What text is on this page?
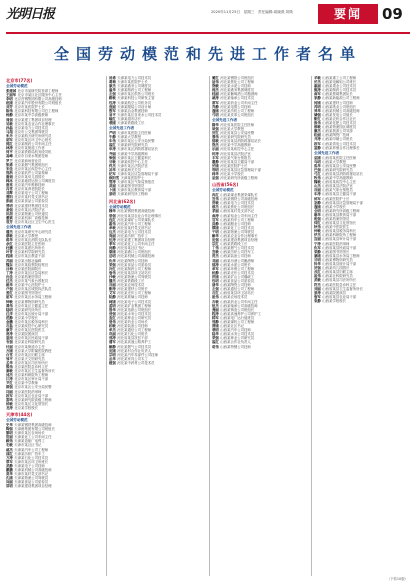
光明日报	2020年11月25日　星期三　责任编辑:周晓燕 刘瑛	要闻	09
全国劳动模范和先进工作者名单
北京市(77名)
全国劳动模范
张建国 北京市某研究院首席工程师
王丽华 北京市某区社区服务中心主任
李明 北京首钢集团有限公司高级技师
赵刚 北京某汽车股份有限公司班组长
刘芳 北京市某医院护士长
陈伟 北京某科技有限公司总工程师
杨静 北京市某中学高级教师
周强 北京某建工集团项目经理
吴敏 北京市某农业合作社理事长
孙磊 北京某电力公司技术员
马超 北京市公交集团驾驶员
朱丹 北京某航天研究所研究员
胡军 北京市某区环卫中心班长
郭红 北京某制药公司车间主任
林涛 北京市某街道工作者
何平 北京某铁路局机务段司机
高峰 北京市自来水集团技师
罗兰 北京某商场营业员
梁勇 北京某燃气集团班组长
宋佳 北京市某区疾控中心主任
郑浩 北京某软件公司架构师
谢娟 北京市某幼儿园园长
韩冰 北京某地铁运营公司调度员
唐亮 北京某汽车维修技师
冯雪 北京市某养老院院长
邓辉 北京某电子公司工程师
曹阳 北京市某村党支部书记
彭丽 北京某食品公司质检员
曾明 北京某建材集团技术员
萧强 北京市某区法院法官
田甜 北京某物流公司快递员
董斌 北京某机床厂高级技师
袁芳 北京市某社区卫生中心医生
全国先进工作者
潘杰 北京市某研究中心研究员
蔡敏 北京某大学教授
蒋华 北京市某区消防支队队长
余红 北京某医院主任医师
杜鹏 北京市某派出所所长
叶青 北京某科学院研究员
程刚 北京市某区教委干部
苏丽 北京某出版社编辑
魏东 北京市某检察院检察官
吕梅 北京某医院副院长
丁涛 北京市某区应急局科长
沈佳 北京某档案馆馆员
任杰 北京市某气象台预报员
姚华 北京某中心医院护士
卢强 北京市某区城管执法队员
姜红 北京某图书馆馆长
崔军 北京市某区水务局工程师
钟敏 北京某博物馆研究员
谭伟 北京市某区卫健委主任
陆明 北京某研究所所长
汪洋 北京市某区统计局干部
范静 北京某小学校长
金鹏 北京市某区税务局科长
石磊 北京某疾控中心研究员
廖芳 北京市某区医院医生
贾涛 北京某院团演员
夏雨 北京市某区民政局干部
韦强 北京某社科院研究员
付丽 北京市某街道办主任
方刚 北京某大学附属医院教授
白雪 北京市某区妇联主席
邹平 北京某天文馆研究员
孟华 北京市某区司法所所长
熊伟 北京某医院急诊科主任
秦敏 北京市某区卫生监督所所长
邱杰 北京某科研院所工程师
江涛 北京市某区审计局干部
尹红 北京某中学教师
薛强 北京市某区公安分局民警
闫丽 北京某医院药剂师
段军 北京市某区农业局干部
雷鸣 北京某研究院高级工程师
侯敏 北京市某区文化馆馆长
龙涛 北京某学校校长
天津市(44名)
全国劳动模范
史华 天津某钢铁集团高级技师
陶强 天津港集团有限公司班组长
黎明 天津市某区农场场长
贺丽 天津某化工公司车间主任
顾伟 天津某造船厂电焊工
毛敏 天津市某社区书记
郝杰 天津某汽车公司工程师
邵红 天津某纺织厂挡车工
万涛 天津某石化公司技术员
覃军 天津市某区环卫所班长
武静 天津某电子公司技师
戴鹏 天津某机械公司高级技师
莫华 天津市某村党支部书记
孔刚 天津某物流公司驾驶员
向丽 天津某食品公司质检员
常明 天津某建设集团项目经理
汤勇 天津某电力公司技术员
葛梅 天津市某医院护士长
康杰 天津某港务公司调度员
温华 天津某制药公司工程师
左强 天津市某区供热公司班长
路敏 天津某科技公司研发主管
包涛 天津某航空公司机务员
庞丽 天津某服装公司设计师
殷军 天津某冶金集团技师
易平 天津市某区自来水公司技术员
喻红 天津某超市店长
裴刚 天津某铁路段工长
全国先进工作者
严明 天津市某医院主任医师
牛静 天津某大学教授
车伟 天津市某区公安分局民警
翁红 天津某研究院研究员
申涛 天津市某区消防救援站站长
齐丽 天津某中学高级教师
柴强 天津市某区卫健委科长
甘敏 天津某疾控中心主任
佟杰 天津市某区法院法官
祁华 天津某海关关员
纪军 天津市某区应急管理局干部
欧阳雪 天津某医院护士
管涛 天津市某区气象局预报员
苗丽 天津某图书馆馆员
卜刚 天津市某区教育局干部
景明 天津某研究所工程师
河北省(62名)
全国劳动模范
穆华 河北某钢铁集团高级技师
晏强 河北省某县农业合作社理事长
连红 河北某煤矿公司采煤队长
霍伟 河北某汽车公司工程师
单敏 河北省某村党支部书记
边杰 河北某电力公司技术员
尚丽 河北某纺织厂挡车工
伍涛 河北某建工集团项目经理
季军 河北某化工公司车间主任
闵静 河北省某社区书记
骆刚 河北某港口公司班组长
岳明 河北某机械公司高级技师
仇华 河北某陶瓷公司技师
栾强 河北某食品公司质检员
冷红 河北某制药公司工程师
詹伟 河北省某县环卫站站长
沙敏 河北某物流公司驾驶员
滕杰 河北某铁路段工长
谷丽 河北某农场技术员
靳涛 河北某建材公司班长
艾军 河北某光伏公司工程师
阮静 河北某玻璃公司技师
柯刚 河北某电子公司技术员
蓝明 河北某矿业集团工程师
鲁华 河北某造纸公司班组长
晋强 河北某水务公司技术员
查红 河北某种业公司研究员
聂伟 河北某奶业公司场长
柏敏 河北某装备公司技师
牟杰 河北某通信公司工程师
巩丽 河北某石化公司班长
邢涛 河北省某县扶贫干部
蒲军 河北某高速公路养护工
解静 河北某燃气公司技术员
应刚 河北某村合作社负责人
宗明 河北某汽车零部件公司技师
丛华 河北某家具公司木工
植强 河北某中药材公司技术员
蔺红 河北某钢管公司班组长
屈伟 河北某焦化公司工程师
饶敏 河北某水泥公司技师
阎杰 河北某港务集团调度员
桂丽 河北某葡萄酒公司酿酒师
戚涛 河北某轴承公司技术员
席军 河北某药业公司车间主任
乔静 河北某电缆公司技师
蓬刚 河北某纺机公司工程师
弓明 河北某皮革公司班组长
全国先进工作者
隋华 河北省某医院主任医师
谈强 河北某大学教授
厉红 河北省某县公安局民警
慕伟 河北某研究院研究员
郁敏 河北省某县消防救援站站长
饶杰 河北某中学高级教师
乐丽 河北省某疾控中心主任
时涛 河北省某县法院法官
丰军 河北某气象台预报员
瞿静 河北省某县卫健局干部
於刚 河北某医院护士长
利明 河北省某县应急管理局干部
师华 河北某小学校长
巫强 河北某研究所高级工程师
山西省(56名)
全国劳动模范
冉红 山西某煤业集团采煤队长
宣伟 山西某钢铁公司高级技师
贲敏 山西某电力公司技术员
邴杰 山西某焦化公司班组长
茅丽 山西省某村党支部书记
曲涛 山西某铝业公司车间主任
官军 山西某机车公司工程师
房静 山西某醋业公司技师
缪刚 山西某化工公司技术员
干明 山西某物流公司驾驶员
解华 山西某农业合作社理事长
应强 山西某建设集团项目经理
宗红 山西某铁路段工长
丁伟 山西某燃气公司技术员
宣敏 山西某纺织公司挡车工
贲杰 山西某装备公司技师
邓丽 山西某汾酒公司酿酒师
郁涛 山西某水泥公司班长
单军 山西某环保公司工程师
杭静 山西某光伏公司技术员
洪刚 山西某矿山公司爆破工
包明 山西某食品公司质检员
诸华 山西某陶瓷公司技师
左强 山西某通信公司工程师
石红 山西省某县环卫站站长
崔伟 山西某农场技术员
吉敏 山西某药业公司车间主任
钮杰 山西某轴承公司高级技师
龚丽 山西某铸造公司班组长
程涛 山西某高速养护公司养护工
嵇军 山西某电厂运行值班员
邢静 山西某煤机公司工程师
滑刚 山西某社区书记
裴明 山西某汽车公司技师
陆华 山西某水务公司技术员
荣强 山西某种业公司研究员
翁红 山西某合作社负责人
荀伟 山西某特钢公司技师
羊敏 山西某重工公司工程师
於杰 山西某电解铝公司班长
惠丽 山西某果业公司技术员
甄涛 山西某制药公司技术员
曲军 山西某焦煤集团队长
家静 山西某新能源公司工程师
封刚 山西某建材公司技师
芮明 山西某纸业公司班组长
羿华 山西某机械公司高级技师
储强 山西某发电公司值长
靳红 山西某农机合作社社长
汲伟 山西某化肥公司技术员
邴敏 山西某物流园区调度员
糜杰 山西某旅游公司导游
松丽 山西某陶瓷厂技师
井涛 山西某印刷公司班长
段军 山西某供电公司技术员
富静 山西某养殖合作社理事长
全国先进工作者
巫刚 山西省某医院主任医师
乌明 山西某大学教授
焦华 山西省某县公安局民警
巴强 山西某研究院研究员
弓红 山西省某县消防救援站站长
牧伟 山西某中学高级教师
隗敏 山西省某疾控中心主任
山杰 山西省某县法院法官
谷丽 山西某气象台预报员
车涛 山西省某县卫健局干部
侯军 山西某医院护士长
宓静 山西省某县应急管理局干部
蓬刚 山西某小学校长
全明 山西某研究所高级工程师
郗华 山西省某县教育局干部
班强 山西某档案馆馆员
仰红 山西省某县文化馆馆长
秋伟 山西某中医院医生
仲敏 山西省某县税务局科长
伊杰 山西某科研院所工程师
宫丽 山西省某县审计局干部
宁涛 山西某医院药剂师
仇军 山西省某县民政局干部
栾静 山西某图书馆馆长
暴刚 山西省某县水务局工程师
甘明 山西某博物馆研究员
钭华 山西省某县统计局干部
厉强 山西某幼儿园园长
戎红 山西省某县妇联主席
祖伟 山西某社科院研究员
武敏 山西省某县司法所所长
符杰 山西某医院急诊科主任
刘丽 山西省某县卫生监督所所长
景涛 山西某院团演员
詹军 山西省某县农业局干部
束静 山西某学校校长
（下转10版）
